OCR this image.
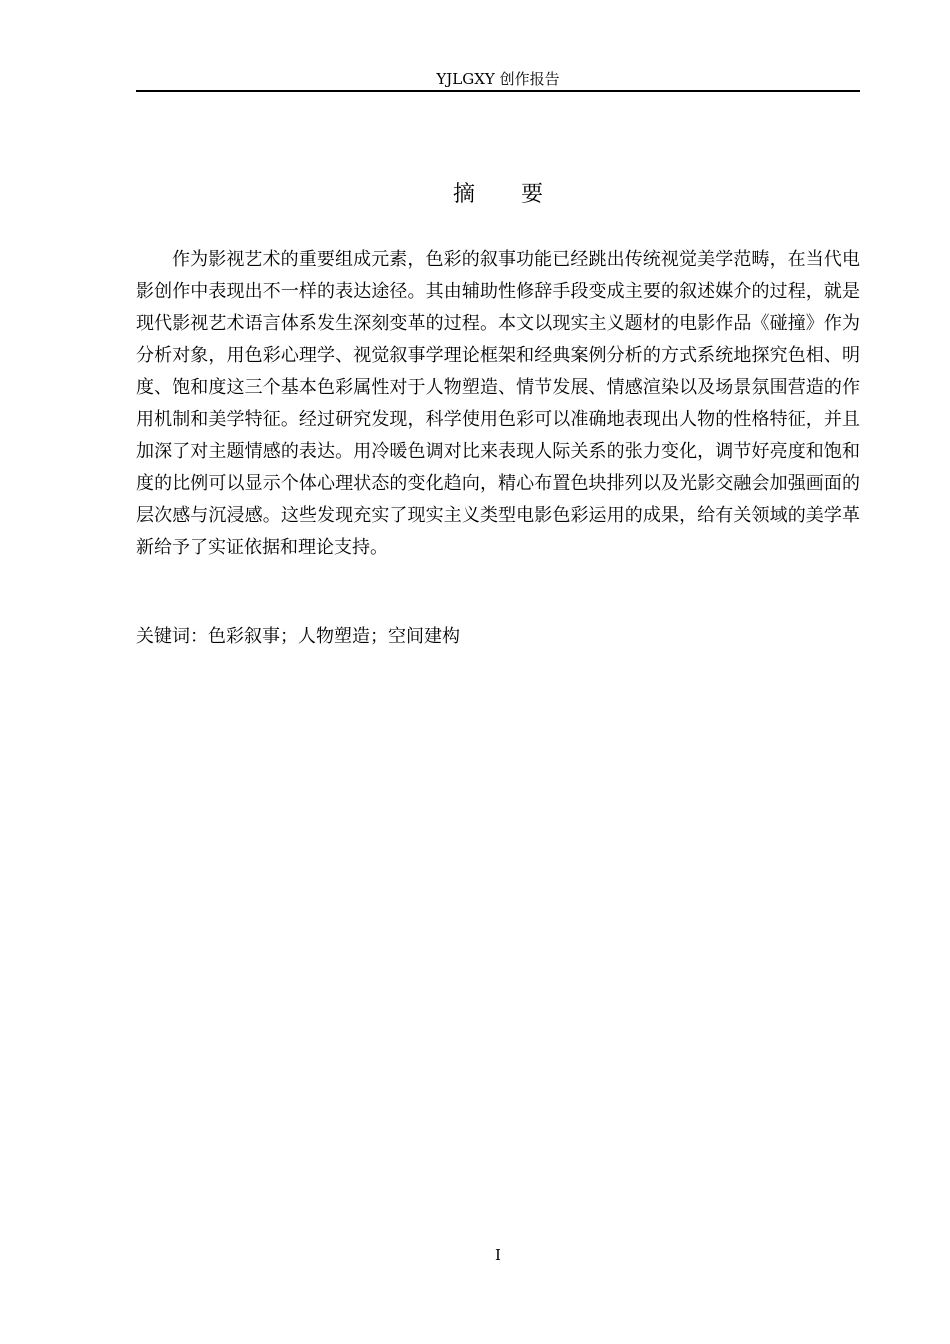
YJLGXY 创作报告
摘要

作为影视艺术的重要组成元素，色彩的叙事功能已经跳出传统视觉美学范畴，在当代电影创作中表现出不一样的表达途径。其由辅助性修辞手段变成主要的叙述媒介的过程，就是现代影视艺术语言体系发生深刻变革的过程。本文以现实主义题材的电影作品《碰撞》作为分析对象，用色彩心理学、视觉叙事学理论框架和经典案例分析的方式系统地探究色相、明度、饱和度这三个基本色彩属性对于人物塑造、情节发展、情感渲染以及场景氛围营造的作用机制和美学特征。经过研究发现，科学使用色彩可以准确地表现出人物的性格特征，并且加深了对主题情感的表达。用冷暖色调对比来表现人际关系的张力变化，调节好亮度和饱和度的比例可以显示个体心理状态的变化趋向，精心布置色块排列以及光影交融会加强画面的层次感与沉浸感。这些发现充实了现实主义类型电影色彩运用的成果，给有关领域的美学革新给予了实证依据和理论支持。

关键词：色彩叙事；人物塑造；空间建构
I
